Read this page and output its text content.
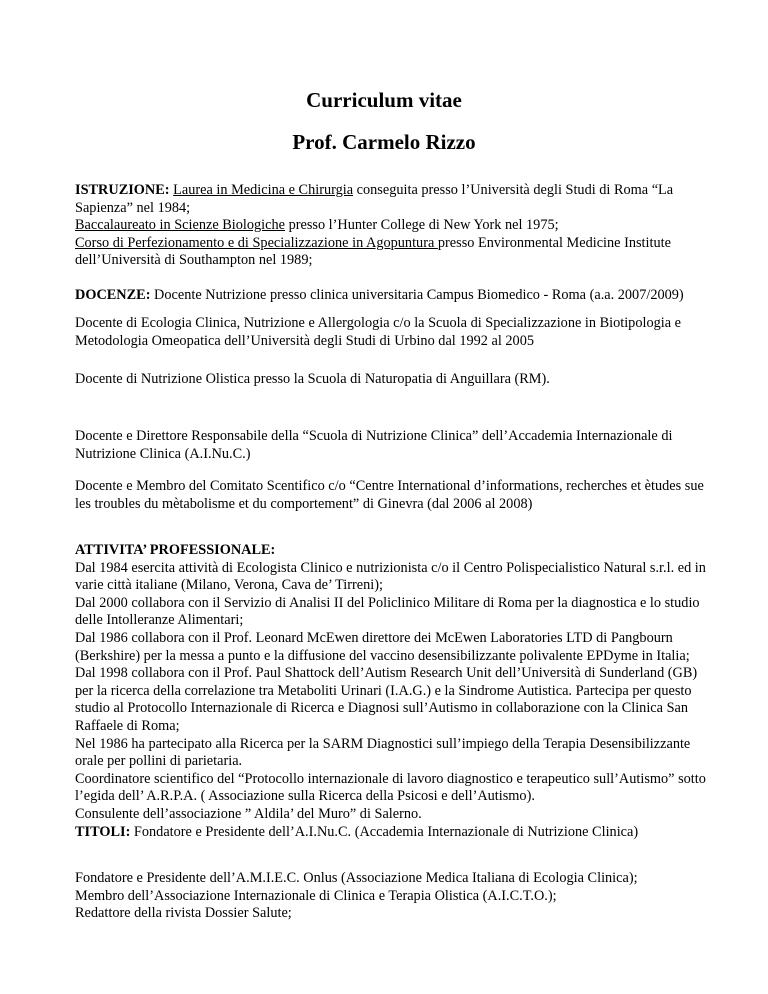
Curriculum vitae
Prof. Carmelo Rizzo

ISTRUZIONE: Laurea in Medicina e Chirurgia conseguita presso l’Università degli Studi di Roma “La Sapienza” nel 1984;

Baccalaureato in Scienze Biologiche presso l’Hunter College di New York nel 1975;

Corso di Perfezionamento e di Specializzazione in Agopuntura presso Environmental Medicine Institute dell’Università di Southampton nel 1989;

DOCENZE: Docente Nutrizione presso clinica universitaria Campus Biomedico - Roma (a.a. 2007/2009)

Docente di Ecologia Clinica, Nutrizione e Allergologia c/o la Scuola di Specializzazione in Biotipologia e Metodologia Omeopatica dell’Università degli Studi di Urbino dal 1992 al 2005

Docente di Nutrizione Olistica presso la Scuola di Naturopatia di Anguillara (RM).

Docente e Direttore Responsabile della “Scuola di Nutrizione Clinica” dell’Accademia Internazionale di Nutrizione Clinica (A.I.Nu.C.)

Docente e Membro del Comitato Scentifico c/o “Centre International d’informations, recherches et ètudes sue les troubles du mètabolisme et du comportement” di Ginevra (dal 2006 al 2008)

ATTIVITA’ PROFESSIONALE:

Dal 1984 esercita attività di Ecologista Clinico e nutrizionista c/o il Centro Polispecialistico Natural s.r.l. ed in varie città italiane (Milano, Verona, Cava de’ Tirreni);

Dal 2000 collabora con il Servizio di Analisi II del Policlinico Militare di Roma per la diagnostica e lo studio delle Intolleranze Alimentari;

Dal 1986 collabora con il Prof. Leonard McEwen direttore dei McEwen Laboratories LTD di Pangbourn (Berkshire) per la messa a punto e la diffusione del vaccino desensibilizzante polivalente EPDyme in Italia;

Dal 1998 collabora con il Prof. Paul Shattock dell’Autism Research Unit dell’Università di Sunderland (GB) per la ricerca della correlazione tra Metaboliti Urinari (I.A.G.) e la Sindrome Autistica. Partecipa per questo studio al Protocollo Internazionale di Ricerca e Diagnosi sull’Autismo in collaborazione con la Clinica San Raffaele di Roma;

Nel 1986 ha partecipato alla Ricerca per la SARM Diagnostici sull’impiego della Terapia Desensibilizzante orale per pollini di parietaria.

Coordinatore scientifico del “Protocollo internazionale di lavoro diagnostico e terapeutico sull’Autismo” sotto l’egida dell’ A.R.P.A. ( Associazione sulla Ricerca della Psicosi e dell’Autismo).

Consulente dell’associazione ” Aldila’ del Muro” di Salerno.

TITOLI: Fondatore e Presidente dell’A.I.Nu.C. (Accademia Internazionale di Nutrizione Clinica)

Fondatore e Presidente dell’A.M.I.E.C. Onlus (Associazione Medica Italiana di Ecologia Clinica);

Membro dell’Associazione Internazionale di Clinica e Terapia Olistica (A.I.C.T.O.);

Redattore della rivista Dossier Salute;
